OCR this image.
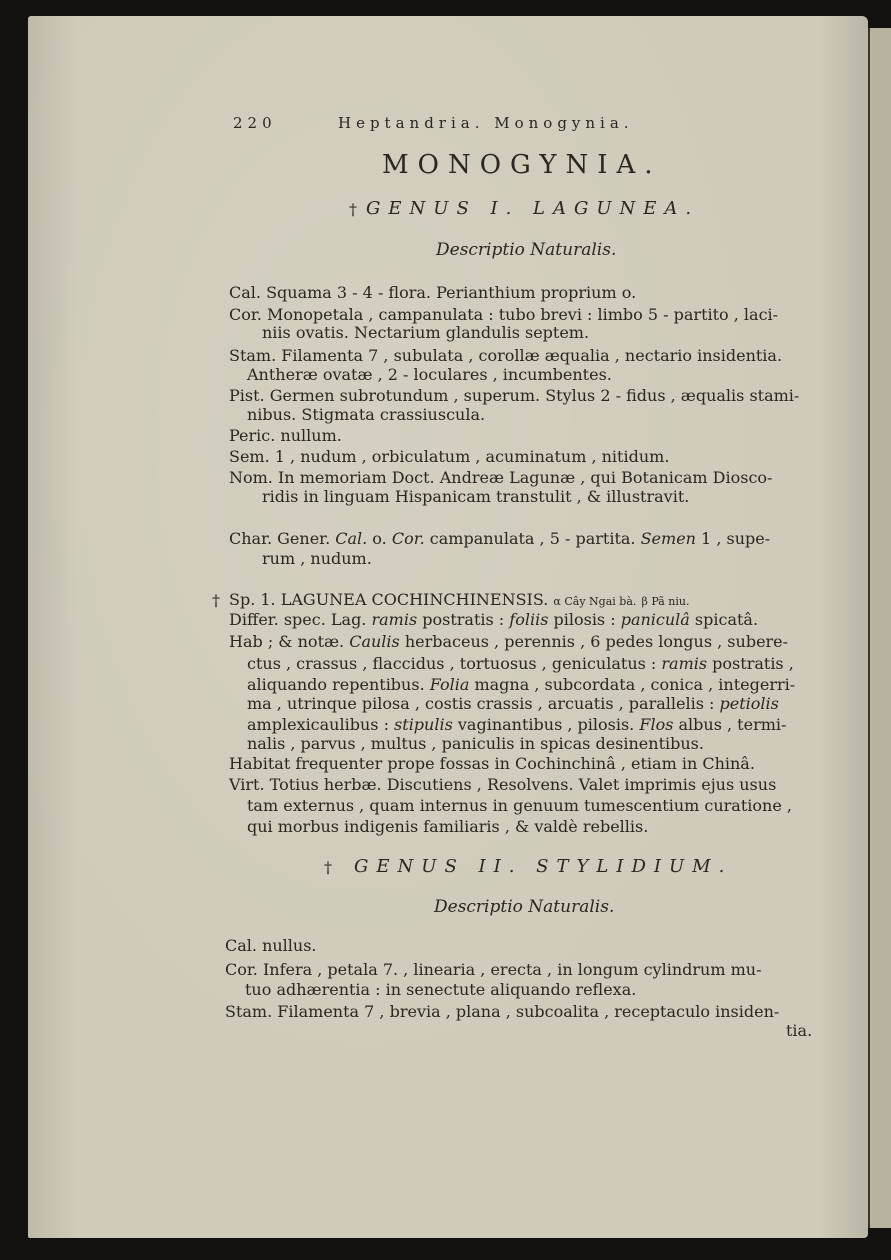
220	Heptandria. Monogynia.
MONOGYNIA.
† GENUS I. LAGUNEA.
Descriptio Naturalis.
Cal. Squama 3 - 4 - flora. Perianthium proprium o.
Cor. Monopetala , campanulata : tubo brevi : limbo 5 - partito , laci-
niis ovatis. Nectarium glandulis septem.
Stam. Filamenta 7 , subulata , corollæ æqualia , nectario insidentia.
Antheræ ovatæ , 2 - loculares , incumbentes.
Pist. Germen subrotundum , superum. Stylus 2 - fidus , æqualis stami-
nibus. Stigmata crassiuscula.
Peric. nullum.
Sem. 1 , nudum , orbiculatum , acuminatum , nitidum.
Nom. In memoriam Doct. Andreæ Lagunæ , qui Botanicam Diosco-
ridis in linguam Hispanicam transtulit , & illustravit.
Char. Gener. Cal. o. Cor. campanulata , 5 - partita. Semen 1 , supe-
rum , nudum.
† Sp. 1. LAGUNEA COCHINCHINENSIS. α Cây Ngai bà. β Pã niu.
Differ. spec. Lag. ramis postratis : foliis pilosis : paniculâ spicatâ.
Hab ; & notæ. Caulis herbaceus , perennis , 6 pedes longus , subere-
ctus , crassus , flaccidus , tortuosus , geniculatus : ramis postratis ,
aliquando repentibus. Folia magna , subcordata , conica , integerri-
ma , utrinque pilosa , costis crassis , arcuatis , parallelis : petiolis
amplexicaulibus : stipulis vaginantibus , pilosis. Flos albus , termi-
nalis , parvus , multus , paniculis in spicas desinentibus.
Habitat frequenter prope fossas in Cochinchinâ , etiam in Chinâ.
Virt. Totius herbæ. Discutiens , Resolvens. Valet imprimis ejus usus
tam externus , quam internus in genuum tumescentium curatione ,
qui morbus indigenis familiaris , & valdè rebellis.
† GENUS II. STYLIDIUM.
Descriptio Naturalis.
Cal. nullus.
Cor. Infera , petala 7. , linearia , erecta , in longum cylindrum mu-
tuo adhærentia : in senectute aliquando reflexa.
Stam. Filamenta 7 , brevia , plana , subcoalita , receptaculo insiden-
tia.
